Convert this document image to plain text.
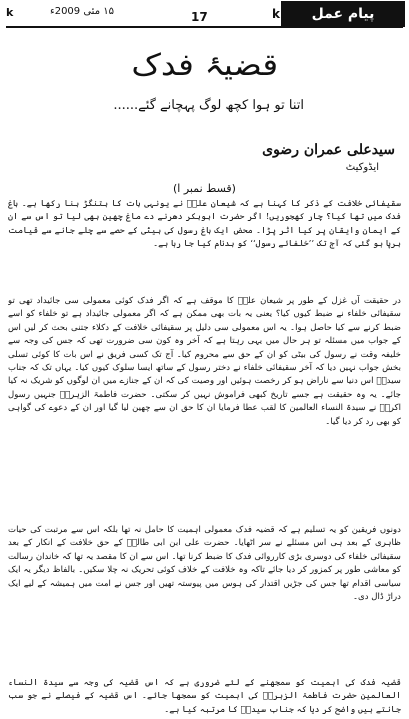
k	۱۵ مئی 2009ء	17	k پیام عمل
قضیۂ فدک
اتنا تو ہوا کچھ لوگ پہچانے گئے......
سیدعلی عمران رضوی
ایڈوکیٹ
(قسط نمبر ا)

سقیفائی خلافت کے ذکر کا کہنا ہے کہ شیعان علیؑ نے یونہی بات کا بتنگڑ بنا رکھا ہے۔ باغ فدک میں تھا کیا؟ چار کھجوریں! اگر حضرت ابوبکر دھرنے دے ماغ چھین بھی لیا تو اس سے ان کے ایمان وایقان پر کیا اثر پڑا۔ محض ایک باغ رسول کی بیٹی کے حصے سے چلے جانے سے قیامت برپا ہو گئی کہ آج تک ’’خلفائے رسول‘‘ کو بدنام کیا جا رہا ہے۔

در حقیقت آں غزل کے طور پر شیعان علیؑ کا موقف ہے کہ اگر فدک کوئی معمولی سی جائیداد تھی تو سقیفائی خلفاء نے ضبط کیوں کیا؟ یعنی یہ بات بھی ممکن ہے کہ اگر معمولی جائیداد ہے تو خلفاء کو اسے ضبط کرنے سے کیا حاصل ہوا۔ یہ اس معمولی سی دلیل پر سقیفائی خلافت کے دکلاء جتنی بحث کر لیں اس کے جواب میں مسئلہ تو ہر حال میں یہی رہتا ہے کہ آخر وہ کون سی ضرورت تھی کہ جس کی وجہ سے خلیفہ وقت نے رسول کی بیٹی کو ان کے حق سے محروم کیا۔ آج تک کسی فریق نے اس بات کا کوئی تسلی بخش جواب نہیں دیا کہ آخر سقیفائی خلفاء نے دختر رسول کے ساتھ ایسا سلوک کیوں کیا۔ یہاں تک کہ جناب سیدہؑ اس دنیا سے ناراض ہو کر رخصت ہوئیں اور وصیت کی کہ ان کے جنازے میں ان لوگوں کو شریک نہ کیا جائے۔ یہ وہ حقیقت ہے جسے تاریخ کبھی فراموش نہیں کر سکتی۔ حضرت فاطمۃ الزہراؑ جنہیں رسول اکرمؐ نے سیدۃ النساء العالمین کا لقب عطا فرمایا ان کا حق ان سے چھین لیا گیا اور ان کے دعوے کی گواہی کو بھی رد کر دیا گیا۔

دونوں فریقین کو یہ تسلیم ہے کہ قضیہ فدک معمولی اہمیت کا حامل نہ تھا بلکہ اس سے مرتبت کی حیات ظاہری کے بعد ہی اس مسئلے نے سر اٹھایا۔ حضرت علی ابن ابی طالبؑ کے حق خلافت کے انکار کے بعد سقیفائی خلفاء کی دوسری بڑی کارروائی فدک کا ضبط کرنا تھا۔ اس سے ان کا مقصد یہ تھا کہ خاندان رسالت کو معاشی طور پر کمزور کر دیا جائے تاکہ وہ خلافت کے خلاف کوئی تحریک نہ چلا سکیں۔ بالفاظ دیگر یہ ایک سیاسی اقدام تھا جس کی جڑیں اقتدار کی ہوس میں پیوستہ تھیں اور جس نے امت میں ہمیشہ کے لیے ایک دراڑ ڈال دی۔

قضیہ فدک کی اہمیت کو سمجھنے کے لئے ضروری ہے کہ اس قضیہ کی وجہ سے سیدۃ النساء العالمین حضرت فاطمۃ الزہراؑ کی اہمیت کو سمجھا جائے۔ اس قضیہ کے فیصلے نے جو سب جانتے ہیں واضح کر دیا کہ جناب سیدہؑ کا مرتبہ کیا ہے۔
